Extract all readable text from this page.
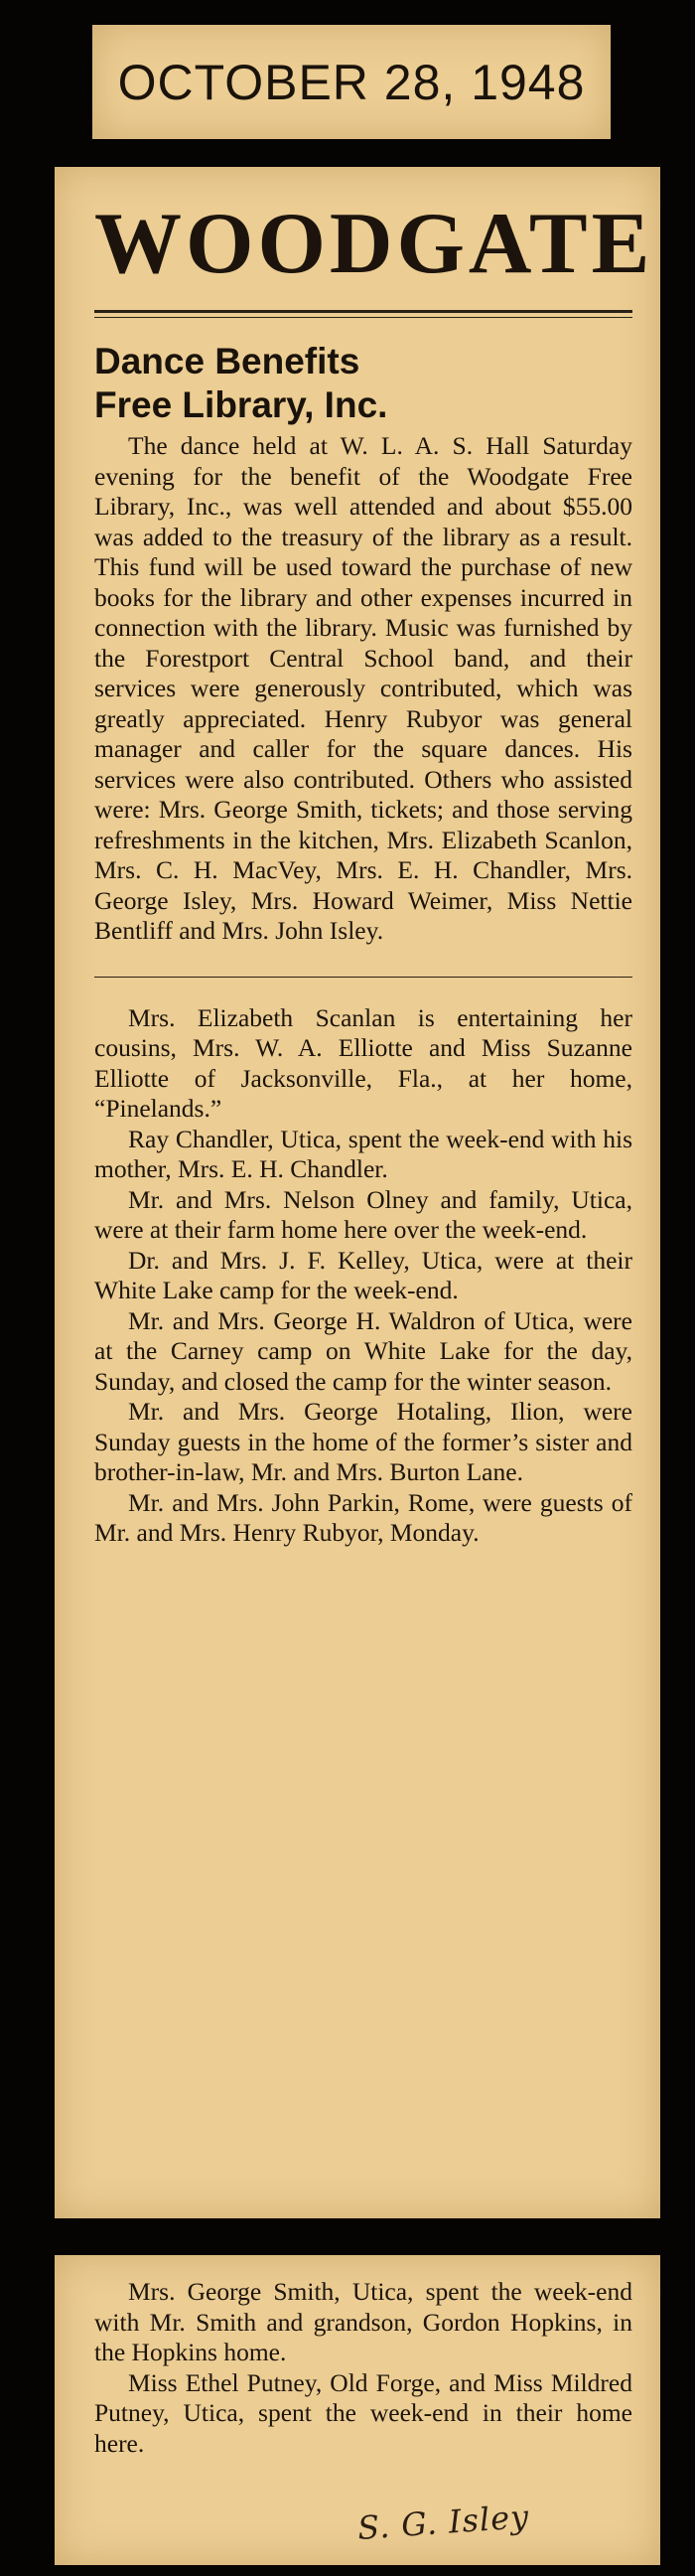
OCTOBER 28, 1948
WOODGATE
Dance Benefits
Free Library, Inc.

The dance held at W. L. A. S. Hall Saturday evening for the benefit of the Woodgate Free Library, Inc., was well attended and about $55.00 was added to the treasury of the library as a result. This fund will be used toward the purchase of new books for the library and other expenses incurred in connection with the library. Music was furnished by the Forestport Central School band, and their services were generously contributed, which was greatly appreciated. Henry Rubyor was general manager and caller for the square dances. His services were also contributed. Others who assisted were: Mrs. George Smith, tickets; and those serving refreshments in the kitchen, Mrs. Elizabeth Scanlon, Mrs. C. H. MacVey, Mrs. E. H. Chandler, Mrs. George Isley, Mrs. Howard Weimer, Miss Nettie Bentliff and Mrs. John Isley.

Mrs. Elizabeth Scanlan is entertaining her cousins, Mrs. W. A. Elliotte and Miss Suzanne Elliotte of Jacksonville, Fla., at her home, “Pinelands.”

Ray Chandler, Utica, spent the week-end with his mother, Mrs. E. H. Chandler.

Mr. and Mrs. Nelson Olney and family, Utica, were at their farm home here over the week-end.

Dr. and Mrs. J. F. Kelley, Utica, were at their White Lake camp for the week-end.

Mr. and Mrs. George H. Waldron of Utica, were at the Carney camp on White Lake for the day, Sunday, and closed the camp for the winter season.

Mr. and Mrs. George Hotaling, Ilion, were Sunday guests in the home of the former’s sister and brother-in-law, Mr. and Mrs. Burton Lane.

Mr. and Mrs. John Parkin, Rome, were guests of Mr. and Mrs. Henry Rubyor, Monday.

Mrs. George Smith, Utica, spent the week-end with Mr. Smith and grandson, Gordon Hopkins, in the Hopkins home.

Miss Ethel Putney, Old Forge, and Miss Mildred Putney, Utica, spent the week-end in their home here.

S. G. Isley
